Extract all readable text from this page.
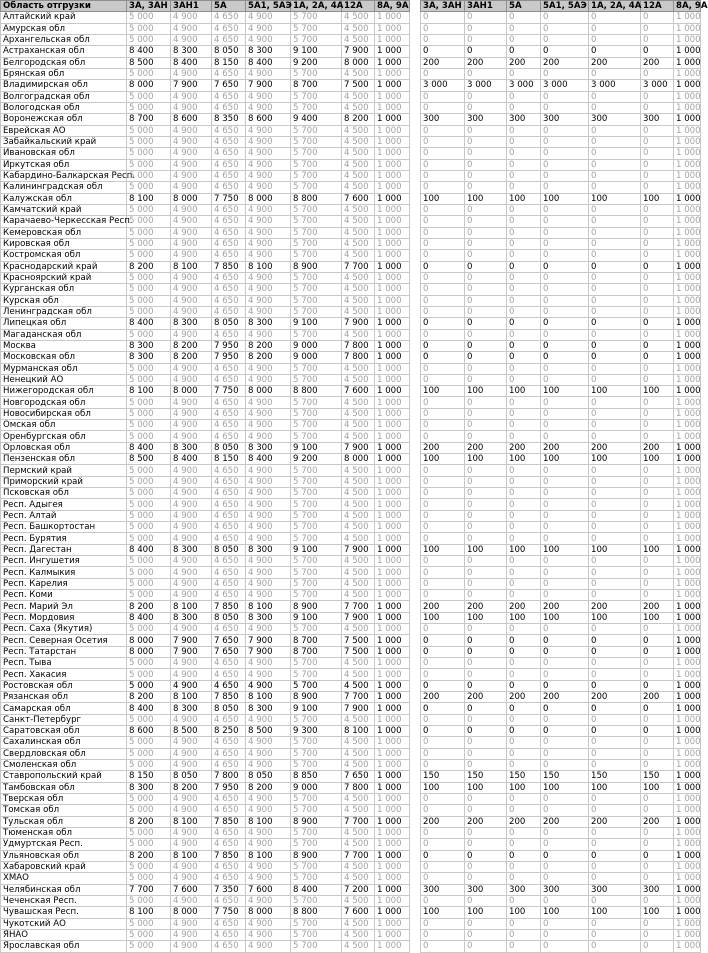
Область отгрузки	3А, 3АН	3АН1	5А	5А1, 5АЭ	1А, 2А, 4А	12А	8А, 9А
Алтайский край	5 000	4 900	4 650	4 900	5 700	4 500	1 000
Амурская обл	5 000	4 900	4 650	4 900	5 700	4 500	1 000
Архангельская обл	5 000	4 900	4 650	4 900	5 700	4 500	1 000
Астраханская обл	8 400	8 300	8 050	8 300	9 100	7 900	1 000
Белгородская обл	8 500	8 400	8 150	8 400	9 200	8 000	1 000
Брянская обл	5 000	4 900	4 650	4 900	5 700	4 500	1 000
Владимирская обл	8 000	7 900	7 650	7 900	8 700	7 500	1 000
Волгоградская обл	5 000	4 900	4 650	4 900	5 700	4 500	1 000
Вологодская обл	5 000	4 900	4 650	4 900	5 700	4 500	1 000
Воронежская обл	8 700	8 600	8 350	8 600	9 400	8 200	1 000
Еврейская АО	5 000	4 900	4 650	4 900	5 700	4 500	1 000
Забайкальский край	5 000	4 900	4 650	4 900	5 700	4 500	1 000
Ивановская обл	5 000	4 900	4 650	4 900	5 700	4 500	1 000
Иркутская обл	5 000	4 900	4 650	4 900	5 700	4 500	1 000
Кабардино-Балкарская Респ.	5 000	4 900	4 650	4 900	5 700	4 500	1 000
Калининградская обл	5 000	4 900	4 650	4 900	5 700	4 500	1 000
Калужская обл	8 100	8 000	7 750	8 000	8 800	7 600	1 000
Камчатский край	5 000	4 900	4 650	4 900	5 700	4 500	1 000
Карачаево-Черкесская Респ.	5 000	4 900	4 650	4 900	5 700	4 500	1 000
Кемеровская обл	5 000	4 900	4 650	4 900	5 700	4 500	1 000
Кировская обл	5 000	4 900	4 650	4 900	5 700	4 500	1 000
Костромская обл	5 000	4 900	4 650	4 900	5 700	4 500	1 000
Краснодарский край	8 200	8 100	7 850	8 100	8 900	7 700	1 000
Красноярский край	5 000	4 900	4 650	4 900	5 700	4 500	1 000
Курганская обл	5 000	4 900	4 650	4 900	5 700	4 500	1 000
Курская обл	5 000	4 900	4 650	4 900	5 700	4 500	1 000
Ленинградская обл	5 000	4 900	4 650	4 900	5 700	4 500	1 000
Липецкая обл	8 400	8 300	8 050	8 300	9 100	7 900	1 000
Магаданская обл	5 000	4 900	4 650	4 900	5 700	4 500	1 000
Москва	8 300	8 200	7 950	8 200	9 000	7 800	1 000
Московская обл	8 300	8 200	7 950	8 200	9 000	7 800	1 000
Мурманская обл	5 000	4 900	4 650	4 900	5 700	4 500	1 000
Ненецкий АО	5 000	4 900	4 650	4 900	5 700	4 500	1 000
Нижегородская обл	8 100	8 000	7 750	8 000	8 800	7 600	1 000
Новгородская обл	5 000	4 900	4 650	4 900	5 700	4 500	1 000
Новосибирская обл	5 000	4 900	4 650	4 900	5 700	4 500	1 000
Омская обл	5 000	4 900	4 650	4 900	5 700	4 500	1 000
Оренбургская обл	5 000	4 900	4 650	4 900	5 700	4 500	1 000
Орловская обл	8 400	8 300	8 050	8 300	9 100	7 900	1 000
Пензенская обл	8 500	8 400	8 150	8 400	9 200	8 000	1 000
Пермский край	5 000	4 900	4 650	4 900	5 700	4 500	1 000
Приморский край	5 000	4 900	4 650	4 900	5 700	4 500	1 000
Псковская обл	5 000	4 900	4 650	4 900	5 700	4 500	1 000
Респ. Адыгея	5 000	4 900	4 650	4 900	5 700	4 500	1 000
Респ. Алтай	5 000	4 900	4 650	4 900	5 700	4 500	1 000
Респ. Башкортостан	5 000	4 900	4 650	4 900	5 700	4 500	1 000
Респ. Бурятия	5 000	4 900	4 650	4 900	5 700	4 500	1 000
Респ. Дагестан	8 400	8 300	8 050	8 300	9 100	7 900	1 000
Респ. Ингушетия	5 000	4 900	4 650	4 900	5 700	4 500	1 000
Респ. Калмыкия	5 000	4 900	4 650	4 900	5 700	4 500	1 000
Респ. Карелия	5 000	4 900	4 650	4 900	5 700	4 500	1 000
Респ. Коми	5 000	4 900	4 650	4 900	5 700	4 500	1 000
Респ. Марий Эл	8 200	8 100	7 850	8 100	8 900	7 700	1 000
Респ. Мордовия	8 400	8 300	8 050	8 300	9 100	7 900	1 000
Респ. Саха (Якутия)	5 000	4 900	4 650	4 900	5 700	4 500	1 000
Респ. Северная Осетия	8 000	7 900	7 650	7 900	8 700	7 500	1 000
Респ. Татарстан	8 000	7 900	7 650	7 900	8 700	7 500	1 000
Респ. Тыва	5 000	4 900	4 650	4 900	5 700	4 500	1 000
Респ. Хакасия	5 000	4 900	4 650	4 900	5 700	4 500	1 000
Ростовская обл	5 000	4 900	4 650	4 900	5 700	4 500	1 000
Рязанская обл	8 200	8 100	7 850	8 100	8 900	7 700	1 000
Самарская обл	8 400	8 300	8 050	8 300	9 100	7 900	1 000
Санкт-Петербург	5 000	4 900	4 650	4 900	5 700	4 500	1 000
Саратовская обл	8 600	8 500	8 250	8 500	9 300	8 100	1 000
Сахалинская обл	5 000	4 900	4 650	4 900	5 700	4 500	1 000
Свердловская обл	5 000	4 900	4 650	4 900	5 700	4 500	1 000
Смоленская обл	5 000	4 900	4 650	4 900	5 700	4 500	1 000
Ставропольский край	8 150	8 050	7 800	8 050	8 850	7 650	1 000
Тамбовская обл	8 300	8 200	7 950	8 200	9 000	7 800	1 000
Тверская обл	5 000	4 900	4 650	4 900	5 700	4 500	1 000
Томская обл	5 000	4 900	4 650	4 900	5 700	4 500	1 000
Тульская обл	8 200	8 100	7 850	8 100	8 900	7 700	1 000
Тюменская обл	5 000	4 900	4 650	4 900	5 700	4 500	1 000
Удмуртская Респ.	5 000	4 900	4 650	4 900	5 700	4 500	1 000
Ульяновская обл	8 200	8 100	7 850	8 100	8 900	7 700	1 000
Хабаровский край	5 000	4 900	4 650	4 900	5 700	4 500	1 000
ХМАО	5 000	4 900	4 650	4 900	5 700	4 500	1 000
Челябинская обл	7 700	7 600	7 350	7 600	8 400	7 200	1 000
Чеченская Респ.	5 000	4 900	4 650	4 900	5 700	4 500	1 000
Чувашская Респ.	8 100	8 000	7 750	8 000	8 800	7 600	1 000
Чукотский АО	5 000	4 900	4 650	4 900	5 700	4 500	1 000
ЯНАО	5 000	4 900	4 650	4 900	5 700	4 500	1 000
Ярославская обл	5 000	4 900	4 650	4 900	5 700	4 500	1 000
3А, 3АН	3АН1	5А	5А1, 5АЭ	1А, 2А, 4А	12А	8А, 9А
0	0	0	0	0	0	1 000
0	0	0	0	0	0	1 000
0	0	0	0	0	0	1 000
0	0	0	0	0	0	1 000
200	200	200	200	200	200	1 000
0	0	0	0	0	0	1 000
3 000	3 000	3 000	3 000	3 000	3 000	1 000
0	0	0	0	0	0	1 000
0	0	0	0	0	0	1 000
300	300	300	300	300	300	1 000
0	0	0	0	0	0	1 000
0	0	0	0	0	0	1 000
0	0	0	0	0	0	1 000
0	0	0	0	0	0	1 000
0	0	0	0	0	0	1 000
0	0	0	0	0	0	1 000
100	100	100	100	100	100	1 000
0	0	0	0	0	0	1 000
0	0	0	0	0	0	1 000
0	0	0	0	0	0	1 000
0	0	0	0	0	0	1 000
0	0	0	0	0	0	1 000
0	0	0	0	0	0	1 000
0	0	0	0	0	0	1 000
0	0	0	0	0	0	1 000
0	0	0	0	0	0	1 000
0	0	0	0	0	0	1 000
0	0	0	0	0	0	1 000
0	0	0	0	0	0	1 000
0	0	0	0	0	0	1 000
0	0	0	0	0	0	1 000
0	0	0	0	0	0	1 000
0	0	0	0	0	0	1 000
100	100	100	100	100	100	1 000
0	0	0	0	0	0	1 000
0	0	0	0	0	0	1 000
0	0	0	0	0	0	1 000
0	0	0	0	0	0	1 000
200	200	200	200	200	200	1 000
100	100	100	100	100	100	1 000
0	0	0	0	0	0	1 000
0	0	0	0	0	0	1 000
0	0	0	0	0	0	1 000
0	0	0	0	0	0	1 000
0	0	0	0	0	0	1 000
0	0	0	0	0	0	1 000
0	0	0	0	0	0	1 000
100	100	100	100	100	100	1 000
0	0	0	0	0	0	1 000
0	0	0	0	0	0	1 000
0	0	0	0	0	0	1 000
0	0	0	0	0	0	1 000
200	200	200	200	200	200	1 000
100	100	100	100	100	100	1 000
0	0	0	0	0	0	1 000
0	0	0	0	0	0	1 000
0	0	0	0	0	0	1 000
0	0	0	0	0	0	1 000
0	0	0	0	0	0	1 000
0	0	0	0	0	0	1 000
200	200	200	200	200	200	1 000
0	0	0	0	0	0	1 000
0	0	0	0	0	0	1 000
0	0	0	0	0	0	1 000
0	0	0	0	0	0	1 000
0	0	0	0	0	0	1 000
0	0	0	0	0	0	1 000
150	150	150	150	150	150	1 000
100	100	100	100	100	100	1 000
0	0	0	0	0	0	1 000
0	0	0	0	0	0	1 000
200	200	200	200	200	200	1 000
0	0	0	0	0	0	1 000
0	0	0	0	0	0	1 000
0	0	0	0	0	0	1 000
0	0	0	0	0	0	1 000
0	0	0	0	0	0	1 000
300	300	300	300	300	300	1 000
0	0	0	0	0	0	1 000
100	100	100	100	100	100	1 000
0	0	0	0	0	0	1 000
0	0	0	0	0	0	1 000
0	0	0	0	0	0	1 000
